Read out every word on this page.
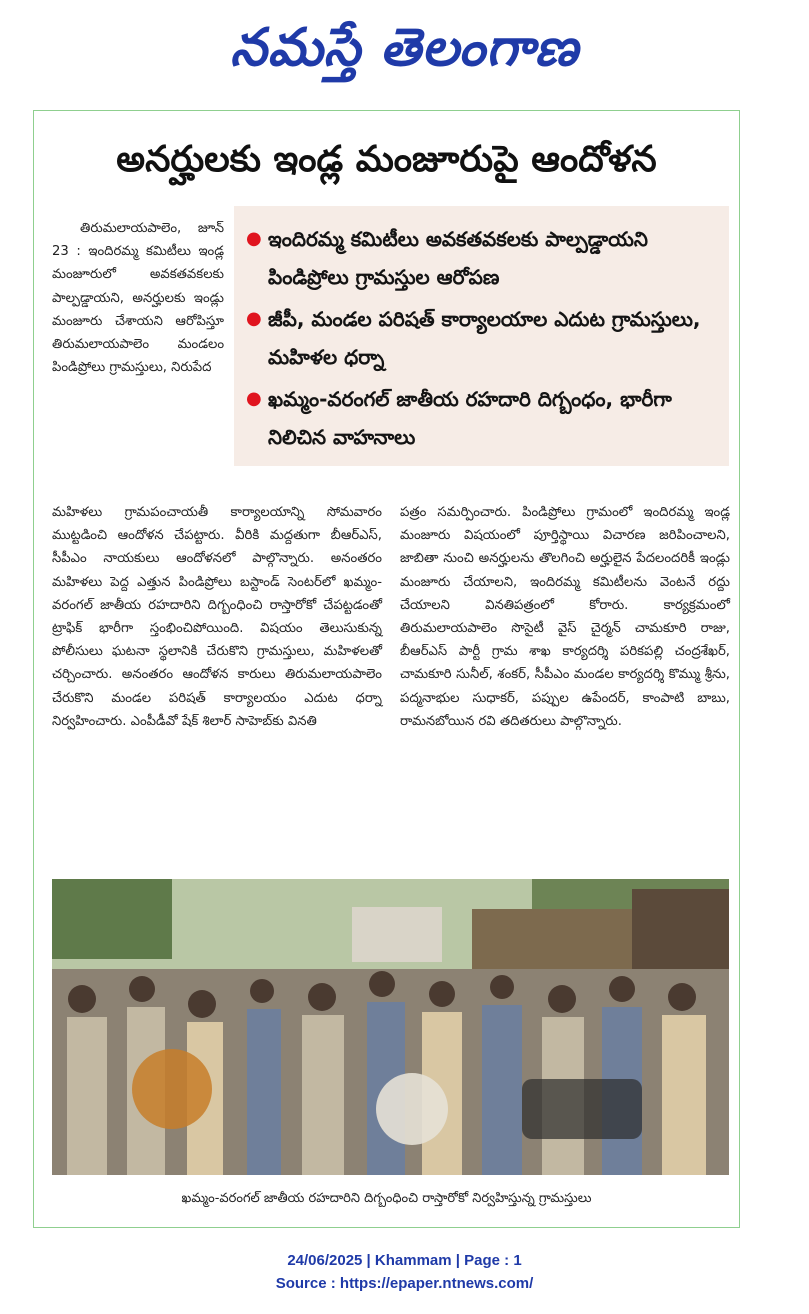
నమస్తే తెలంగాణ
అనర్హులకు ఇండ్ల మంజూరుపై ఆందోళన
● ఇందిరమ్మ కమిటీలు అవకతవకలకు పాల్పడ్డాయని పిండిప్రోలు గ్రామస్తుల ఆరోపణ
● జీపీ, మండల పరిషత్ కార్యాలయాల ఎదుట గ్రామస్తులు, మహిళల ధర్నా
● ఖమ్మం-వరంగల్ జాతీయ రహదారి దిగ్బంధం, భారీగా నిలిచిన వాహనాలు

తిరుమలాయపాలెం, జూన్ 23 : ఇందిరమ్మ కమిటీలు ఇండ్ల మంజూరులో అవకతవకలకు పాల్పడ్డాయని, అనర్హులకు ఇండ్లు మంజూరు చేశాయని ఆరోపిస్తూ తిరుమలాయపాలెం మండలం పిండిప్రోలు గ్రామస్తులు, నిరుపేద

మహిళలు గ్రామపంచాయతీ కార్యాలయాన్ని సోమవారం ముట్టడించి ఆందోళన చేపట్టారు. వీరికి మద్దతుగా బీఆర్ఎస్, సీపీఎం నాయకులు ఆందోళనలో పాల్గొన్నారు. అనంతరం మహిళలు పెద్ద ఎత్తున పిండిప్రోలు బస్టాండ్ సెంటర్‌లో ఖమ్మం-వరంగల్ జాతీయ రహదారిని దిగ్బంధించి రాస్తారోకో చేపట్టడంతో ట్రాఫిక్ భారీగా స్తంభించిపోయింది. విషయం తెలుసుకున్న పోలీసులు ఘటనా స్థలానికి చేరుకొని గ్రామస్తులు, మహిళలతో చర్చించారు. అనంతరం ఆందోళన కారులు తిరుమలాయపాలెం చేరుకొని మండల పరిషత్ కార్యాలయం ఎదుట ధర్నా నిర్వహించారు. ఎంపీడీవో షేక్ శిలార్ సాహెబ్‌కు వినతి

పత్రం సమర్పించారు. పిండిప్రోలు గ్రామంలో ఇందిరమ్మ ఇండ్ల మంజూరు విషయంలో పూర్తిస్థాయి విచారణ జరిపించాలని, జాబితా నుంచి అనర్హులను తొలగించి అర్హులైన పేదలందరికీ ఇండ్లు మంజూరు చేయాలని, ఇందిరమ్మ కమిటీలను వెంటనే రద్దు చేయాలని వినతిపత్రంలో కోరారు. కార్యక్రమంలో తిరుమలాయపాలెం సొసైటీ వైస్ చైర్మన్ చామకూరి రాజు, బీఆర్ఎస్ పార్టీ గ్రామ శాఖ కార్యదర్శి పరికపల్లి చంద్రశేఖర్, చామకూరి సునీల్, శంకర్, సీపీఎం మండల కార్యదర్శి కొమ్ము శ్రీను, పద్మనాభుల సుధాకర్, పప్పుల ఉపేందర్, కాంపాటి బాబు, రామనబోయిన రవి తదితరులు పాల్గొన్నారు.

ఖమ్మం-వరంగల్ జాతీయ రహదారిని దిగ్బంధించి రాస్తారోకో నిర్వహిస్తున్న గ్రామస్తులు
24/06/2025 | Khammam | Page : 1
Source : https://epaper.ntnews.com/
